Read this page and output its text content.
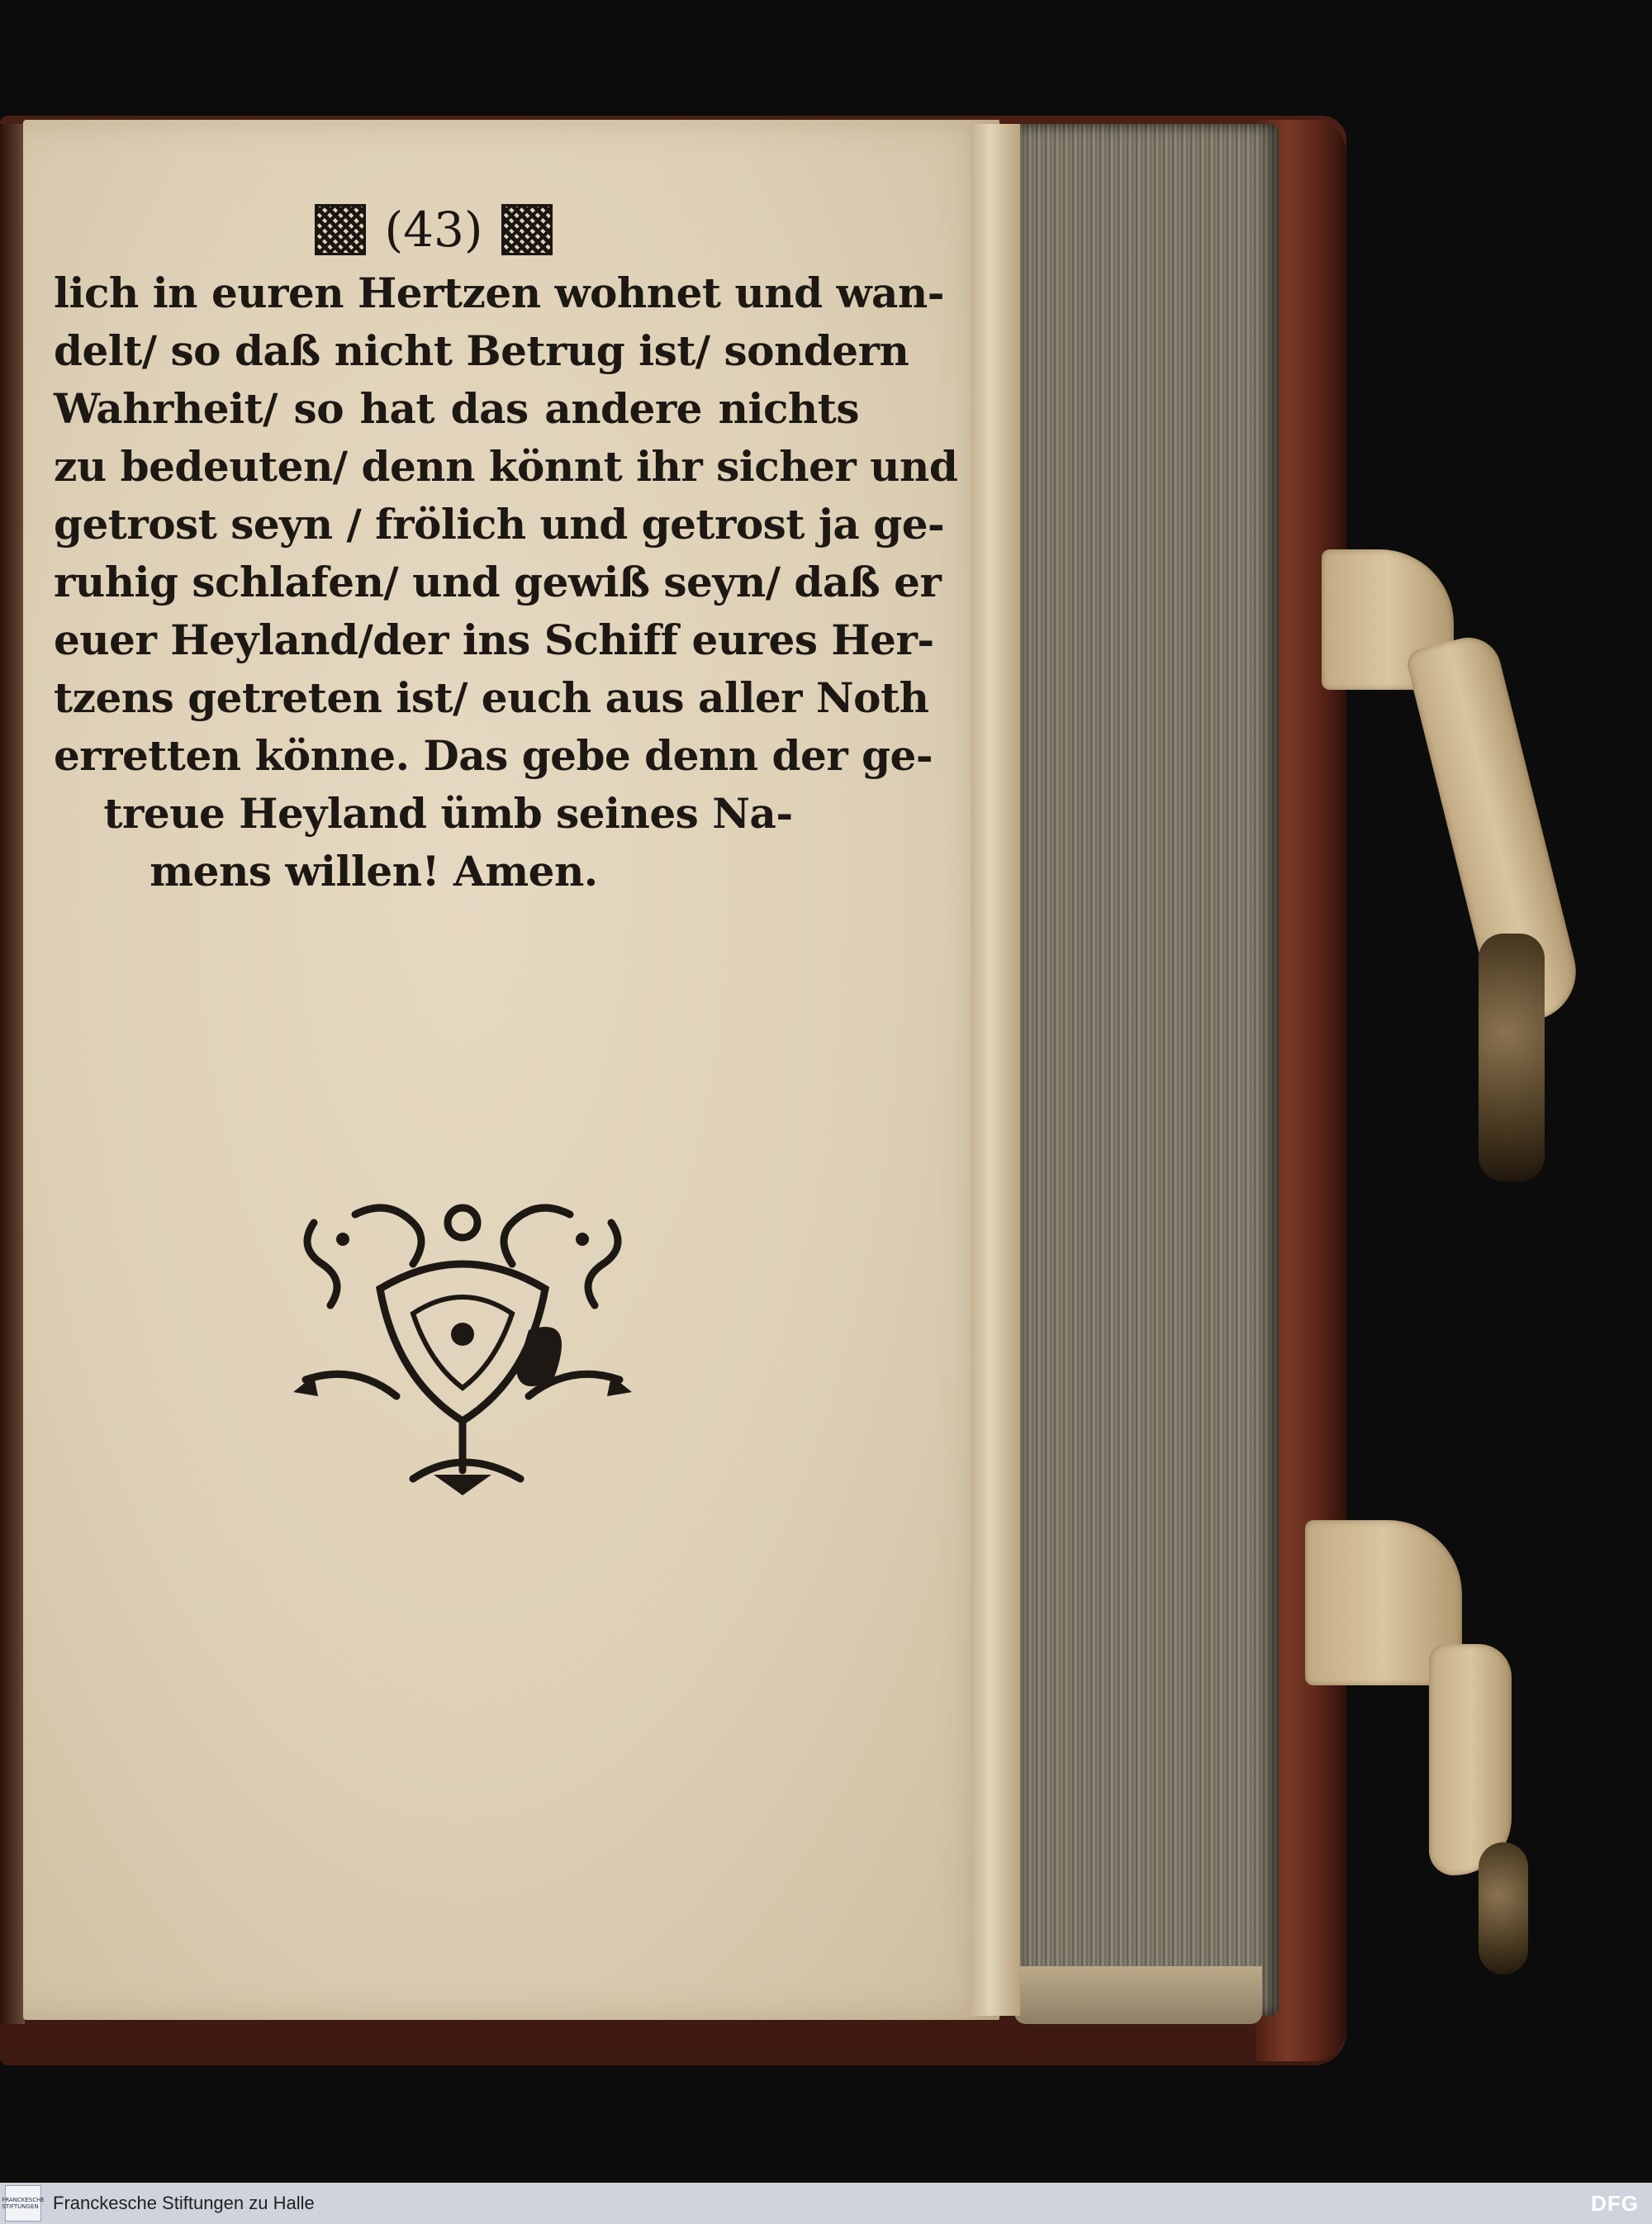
(43)
lich in euren Hertzen wohnet und wan-
delt/ so daß nicht Betrug ist/ sondern
Wahrheit/ so hat das andere nichts
zu bedeuten/ denn könnt ihr sicher und
getrost seyn / frölich und getrost ja ge-
ruhig schlafen/ und gewiß seyn/ daß er
euer Heyland/der ins Schiff eures Her-
tzens getreten ist/ euch aus aller Noth
erretten könne. Das gebe denn der ge-
treue Heyland ümb seines Na-
mens willen! Amen.
FRANCKESCHE STIFTUNGEN Franckesche Stiftungen zu Halle	DFG
